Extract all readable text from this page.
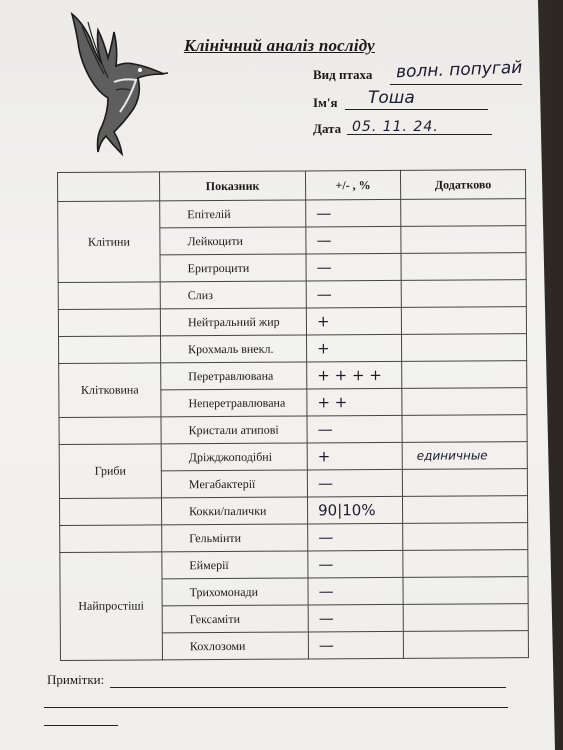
Клінічний аналіз посліду
Вид птаха волн. попугай
Ім'я Тоша
Дата 05. 11. 24.
	Показник	+/- , %	Додатково
Клітини	Епітелій	—	
	Лейкоцити	—	
	Еритроцити	—	
	Слиз	—	
	Нейтральний жир	+	
	Крохмаль внекл.	+	
Клітковина	Перетравлювана	+ + + +	
	Неперетравлювана	+ +	
	Кристали атипові	—	
Гриби	Дріжджоподібні	+	единичные
	Мегабактерії	—	
	Кокки/палички	90|10%	
	Гельмінти	—	
Найпростіші	Еймерії	—	
	Трихомонади	—	
	Гексаміти	—	
	Кохлозоми	—	
Примітки:
